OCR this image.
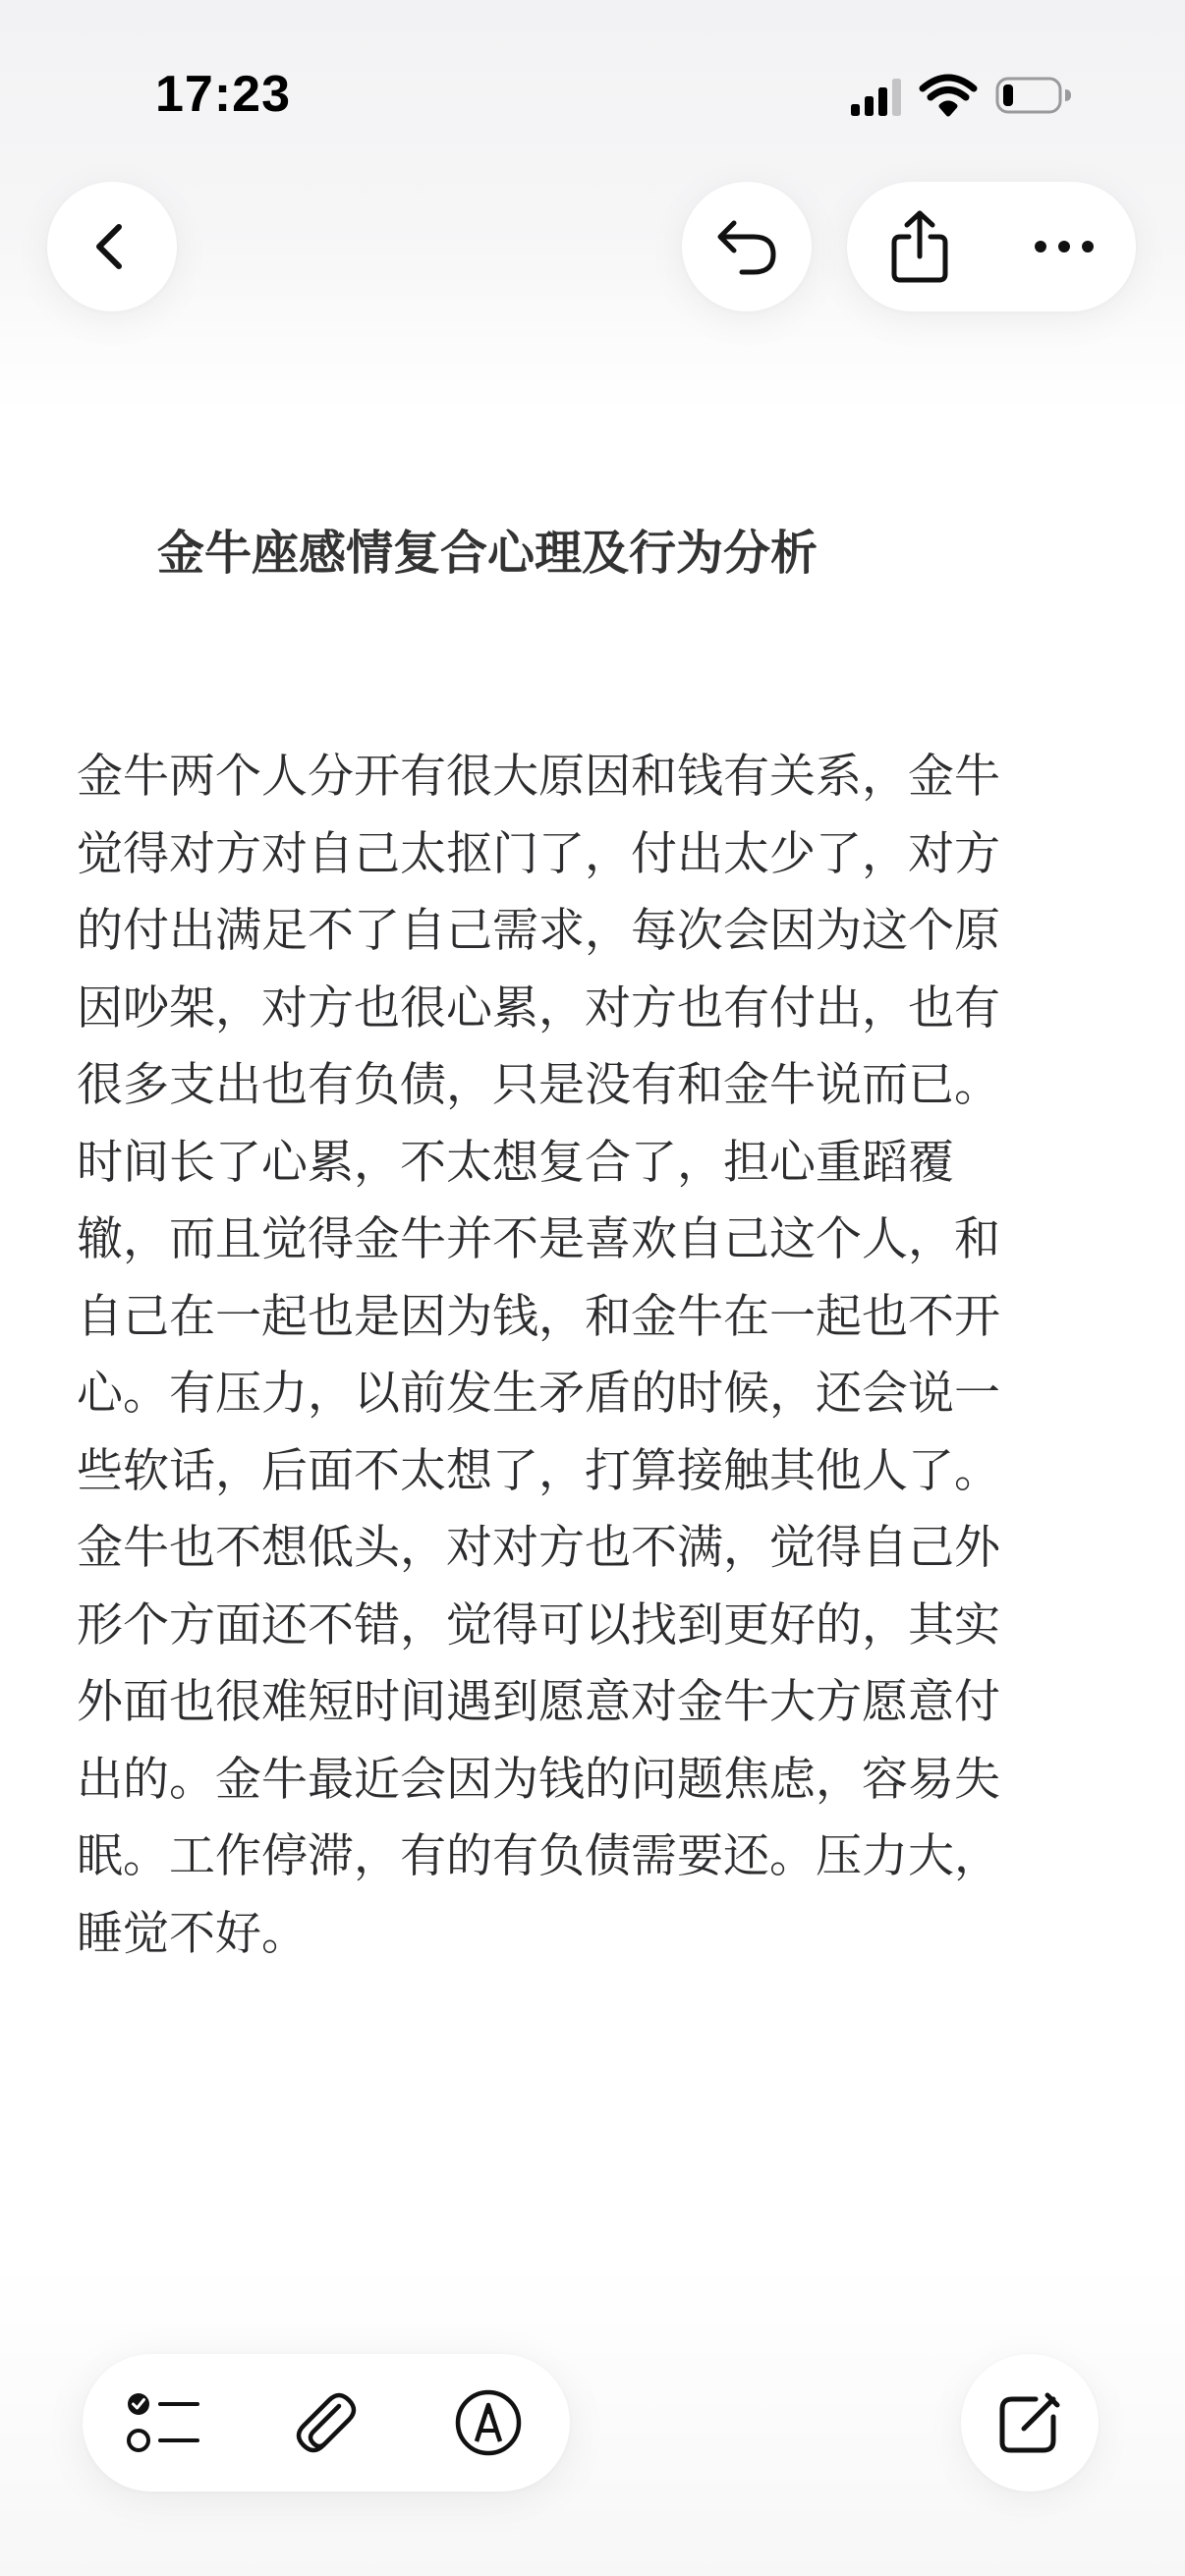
17:23
金牛座感情复合心理及行为分析
金牛两个人分开有很大原因和钱有关系，金牛
觉得对方对自己太抠门了，付出太少了，对方
的付出满足不了自己需求，每次会因为这个原
因吵架，对方也很心累，对方也有付出，也有
很多支出也有负债，只是没有和金牛说而已。
时间长了心累，不太想复合了，担心重蹈覆
辙，而且觉得金牛并不是喜欢自己这个人，和
自己在一起也是因为钱，和金牛在一起也不开
心。有压力，以前发生矛盾的时候，还会说一
些软话，后面不太想了，打算接触其他人了。
金牛也不想低头，对对方也不满，觉得自己外
形个方面还不错，觉得可以找到更好的，其实
外面也很难短时间遇到愿意对金牛大方愿意付
出的。金牛最近会因为钱的问题焦虑，容易失
眠。工作停滞，有的有负债需要还。压力大，
睡觉不好。
